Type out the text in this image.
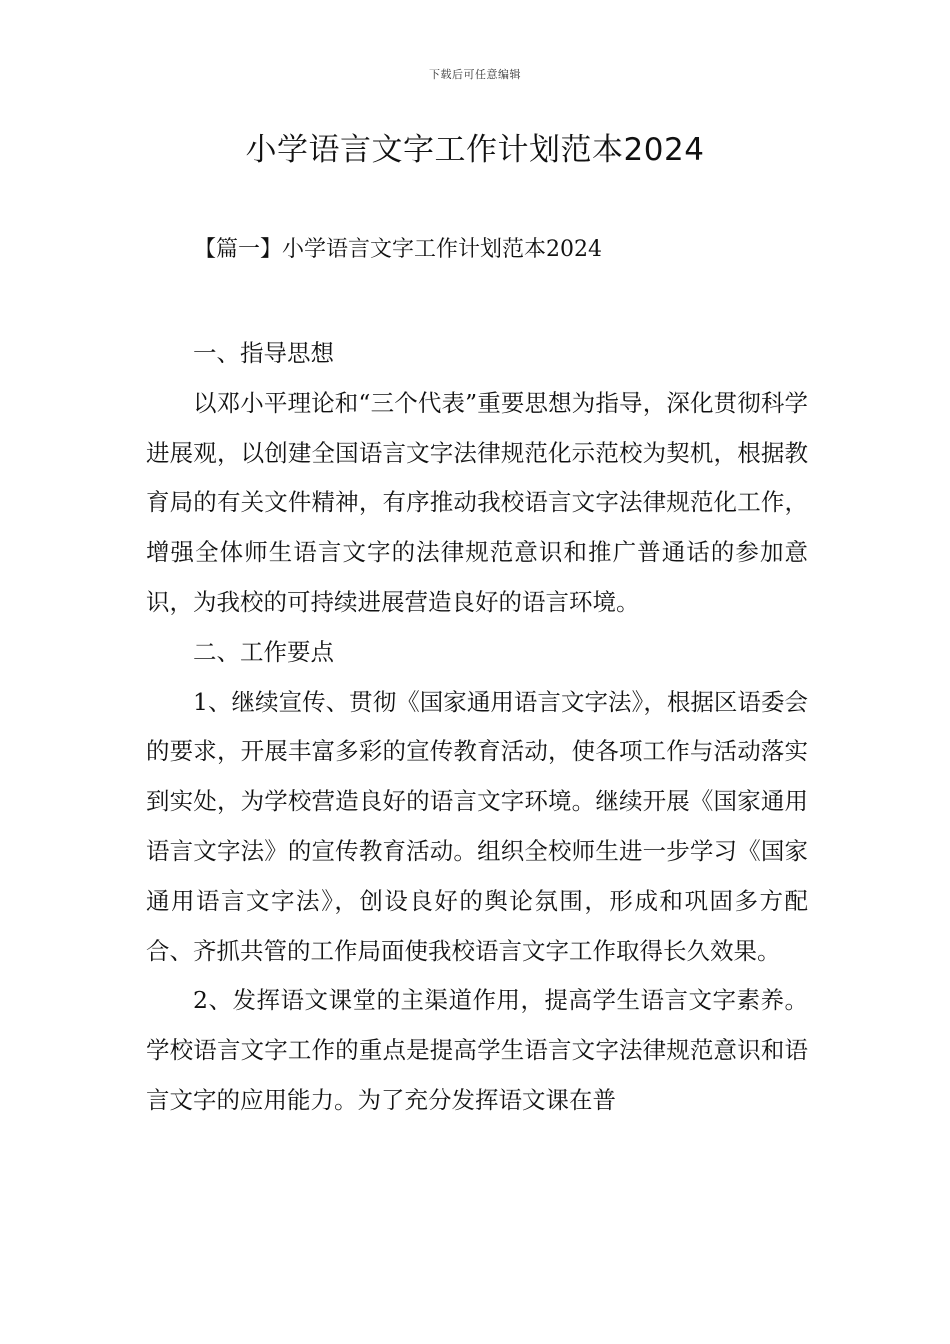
下载后可任意编辑
小学语言文字工作计划范本2024
【篇一】小学语言文字工作计划范本2024

一、指导思想

以邓小平理论和“三个代表”重要思想为指导，深化贯彻科学进展观，以创建全国语言文字法律规范化示范校为契机，根据教育局的有关文件精神，有序推动我校语言文字法律规范化工作，增强全体师生语言文字的法律规范意识和推广普通话的参加意识，为我校的可持续进展营造良好的语言环境。

二、工作要点

1、继续宣传、贯彻《国家通用语言文字法》，根据区语委会的要求，开展丰富多彩的宣传教育活动，使各项工作与活动落实到实处，为学校营造良好的语言文字环境。继续开展《国家通用语言文字法》的宣传教育活动。组织全校师生进一步学习《国家通用语言文字法》，创设良好的舆论氛围，形成和巩固多方配合、齐抓共管的工作局面使我校语言文字工作取得长久效果。

2、发挥语文课堂的主渠道作用，提高学生语言文字素养。学校语言文字工作的重点是提高学生语言文字法律规范意识和语言文字的应用能力。为了充分发挥语文课在普
